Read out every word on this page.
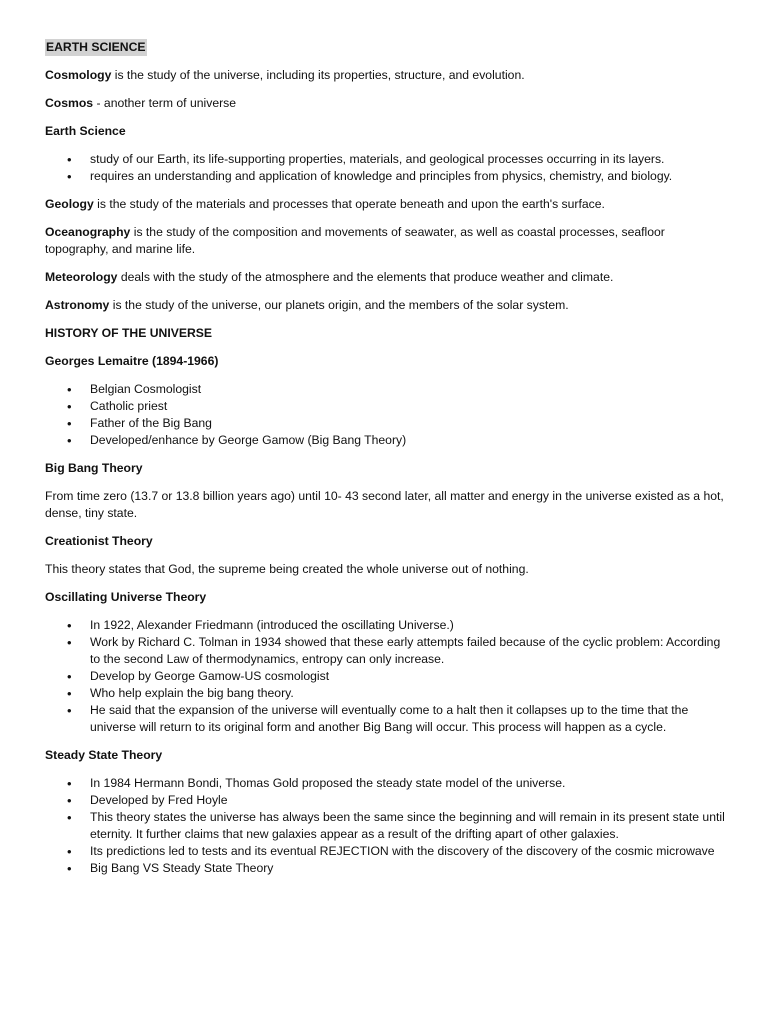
EARTH SCIENCE

Cosmology is the study of the universe, including its properties, structure, and evolution.

Cosmos - another term of universe

Earth Science

• study of our Earth, its life-supporting properties, materials, and geological processes occurring in its layers.
• requires an understanding and application of knowledge and principles from physics, chemistry, and biology.

Geology is the study of the materials and processes that operate beneath and upon the earth's surface.

Oceanography is the study of the composition and movements of seawater, as well as coastal processes, seafloor topography, and marine life.

Meteorology deals with the study of the atmosphere and the elements that produce weather and climate.

Astronomy is the study of the universe, our planets origin, and the members of the solar system.

HISTORY OF THE UNIVERSE

Georges Lemaitre (1894-1966)

• Belgian Cosmologist
• Catholic priest
• Father of the Big Bang
• Developed/enhance by George Gamow (Big Bang Theory)

Big Bang Theory

From time zero (13.7 or 13.8 billion years ago) until 10- 43 second later, all matter and energy in the universe existed as a hot, dense, tiny state.

Creationist Theory

This theory states that God, the supreme being created the whole universe out of nothing.

Oscillating Universe Theory

• In 1922, Alexander Friedmann (introduced the oscillating Universe.)
• Work by Richard C. Tolman in 1934 showed that these early attempts failed because of the cyclic problem: According to the second Law of thermodynamics, entropy can only increase.
• Develop by George Gamow-US cosmologist
• Who help explain the big bang theory.
• He said that the expansion of the universe will eventually come to a halt then it collapses up to the time that the universe will return to its original form and another Big Bang will occur. This process will happen as a cycle.

Steady State Theory

• In 1984 Hermann Bondi, Thomas Gold proposed the steady state model of the universe.
• Developed by Fred Hoyle
• This theory states the universe has always been the same since the beginning and will remain in its present state until eternity. It further claims that new galaxies appear as a result of the drifting apart of other galaxies.
• Its predictions led to tests and its eventual REJECTION with the discovery of the discovery of the cosmic microwave
• Big Bang VS Steady State Theory
